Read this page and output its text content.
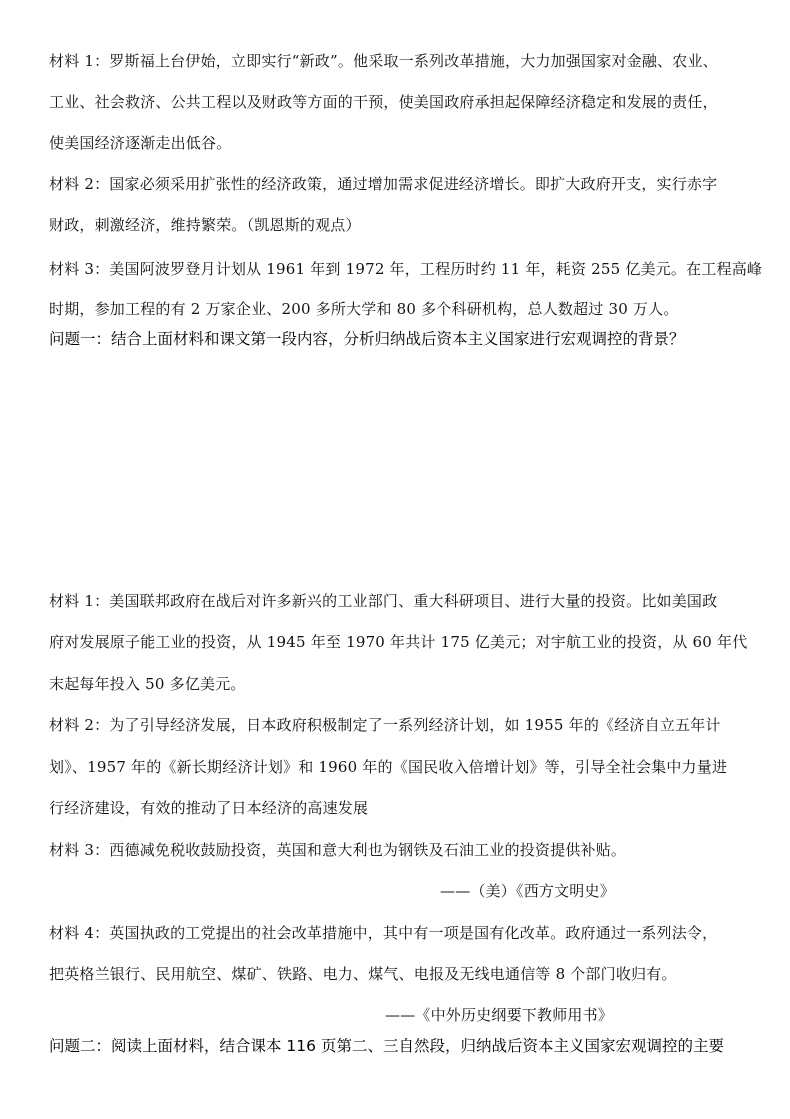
材料 1：罗斯福上台伊始，立即实行“新政”。他采取一系列改革措施，大力加强国家对金融、农业、
工业、社会救济、公共工程以及财政等方面的干预，使美国政府承担起保障经济稳定和发展的责任，
使美国经济逐渐走出低谷。
材料 2：国家必须采用扩张性的经济政策，通过增加需求促进经济增长。即扩大政府开支，实行赤字
财政，刺激经济，维持繁荣。（凯恩斯的观点）
材料 3：美国阿波罗登月计划从 1961 年到 1972 年，工程历时约 11 年，耗资 255 亿美元。在工程高峰
时期，参加工程的有 2 万家企业、200 多所大学和 80 多个科研机构，总人数超过 30 万人。
问题一：结合上面材料和课文第一段内容，分析归纳战后资本主义国家进行宏观调控的背景？
材料 1：美国联邦政府在战后对许多新兴的工业部门、重大科研项目、进行大量的投资。比如美国政
府对发展原子能工业的投资，从 1945 年至 1970 年共计 175 亿美元；对宇航工业的投资，从 60 年代
末起每年投入 50 多亿美元。
材料 2：为了引导经济发展，日本政府积极制定了一系列经济计划，如 1955 年的《经济自立五年计
划》、1957 年的《新长期经济计划》和 1960 年的《国民收入倍增计划》等，引导全社会集中力量进
行经济建设，有效的推动了日本经济的高速发展
材料 3：西德减免税收鼓励投资，英国和意大利也为钢铁及石油工业的投资提供补贴。
——（美）《西方文明史》
材料 4：英国执政的工党提出的社会改革措施中，其中有一项是国有化改革。政府通过一系列法令，
把英格兰银行、民用航空、煤矿、铁路、电力、煤气、电报及无线电通信等 8 个部门收归有。
——《中外历史纲要下教师用书》
问题二：阅读上面材料，结合课本 116 页第二、三自然段，归纳战后资本主义国家宏观调控的主要
